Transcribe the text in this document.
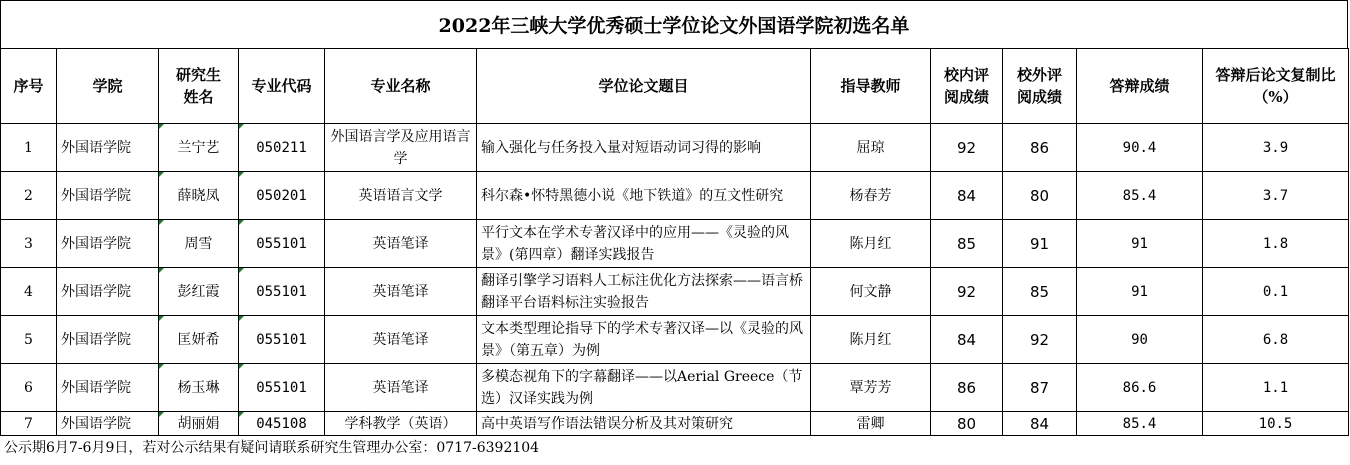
2022年三峡大学优秀硕士学位论文外国语学院初选名单
序号	学院	研究生姓名	专业代码	专业名称	学位论文题目	指导教师	校内评阅成绩	校外评阅成绩	答辩成绩	答辩后论文复制比（%）
1	外国语学院	兰宁艺	050211	外国语言学及应用语言学	输入强化与任务投入量对短语动词习得的影响	屈琼	92	86	90.4	3.9
2	外国语学院	薛晓凤	050201	英语语言文学	科尔森•怀特黑德小说《地下铁道》的互文性研究	杨春芳	84	80	85.4	3.7
3	外国语学院	周雪	055101	英语笔译	平行文本在学术专著汉译中的应用——《灵验的风景》(第四章）翻译实践报告	陈月红	85	91	91	1.8
4	外国语学院	彭红霞	055101	英语笔译	翻译引擎学习语料人工标注优化方法探索——语言桥翻译平台语料标注实验报告	何文静	92	85	91	0.1
5	外国语学院	匡妍希	055101	英语笔译	文本类型理论指导下的学术专著汉译—以《灵验的风景》（第五章）为例	陈月红	84	92	90	6.8
6	外国语学院	杨玉琳	055101	英语笔译	多模态视角下的字幕翻译——以Aerial Greece（节选）汉译实践为例	覃芳芳	86	87	86.6	1.1
7	外国语学院	胡丽娟	045108	学科教学（英语）	高中英语写作语法错误分析及其对策研究	雷卿	80	84	85.4	10.5
公示期6月7-6月9日，若对公示结果有疑问请联系研究生管理办公室：0717-6392104
